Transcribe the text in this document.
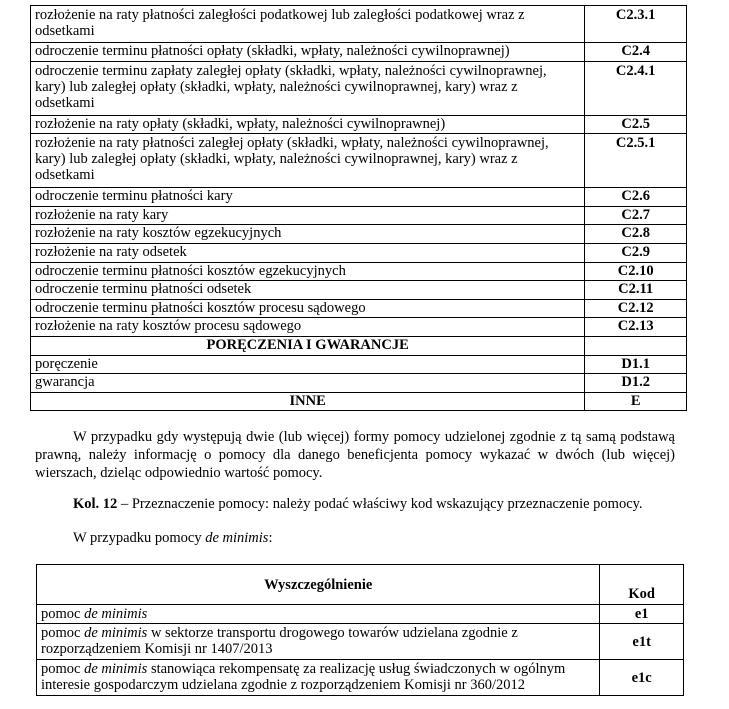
rozłożenie na raty płatności zaległości podatkowej lub zaległości podatkowej wraz z odsetkami	C2.3.1
odroczenie terminu płatności opłaty (składki, wpłaty, należności cywilnoprawnej)	C2.4
odroczenie terminu zapłaty zaległej opłaty (składki, wpłaty, należności cywilnoprawnej, kary) lub zaległej opłaty (składki, wpłaty, należności cywilnoprawnej, kary) wraz z odsetkami	C2.4.1
rozłożenie na raty opłaty (składki, wpłaty, należności cywilnoprawnej)	C2.5
rozłożenie na raty płatności zaległej opłaty (składki, wpłaty, należności cywilnoprawnej, kary) lub zaległej opłaty (składki, wpłaty, należności cywilnoprawnej, kary) wraz z odsetkami	C2.5.1
odroczenie terminu płatności kary	C2.6
rozłożenie na raty kary	C2.7
rozłożenie na raty kosztów egzekucyjnych	C2.8
rozłożenie na raty odsetek	C2.9
odroczenie terminu płatności kosztów egzekucyjnych	C2.10
odroczenie terminu płatności odsetek	C2.11
odroczenie terminu płatności kosztów procesu sądowego	C2.12
rozłożenie na raty kosztów procesu sądowego	C2.13
PORĘCZENIA I GWARANCJE	
poręczenie	D1.1
gwarancja	D1.2
INNE	E

W przypadku gdy występują dwie (lub więcej) formy pomocy udzielonej zgodnie z tą samą podstawą prawną, należy informację o pomocy dla danego beneficjenta pomocy wykazać w dwóch (lub więcej) wierszach, dzieląc odpowiednio wartość pomocy.

Kol. 12 – Przeznaczenie pomocy: należy podać właściwy kod wskazujący przeznaczenie pomocy.

W przypadku pomocy de minimis:

Wyszczególnienie	Kod
pomoc de minimis	e1
pomoc de minimis w sektorze transportu drogowego towarów udzielana zgodnie z rozporządzeniem Komisji nr 1407/2013	e1t
pomoc de minimis stanowiąca rekompensatę za realizację usług świadczonych w ogólnym interesie gospodarczym udzielana zgodnie z rozporządzeniem Komisji nr 360/2012	e1c
